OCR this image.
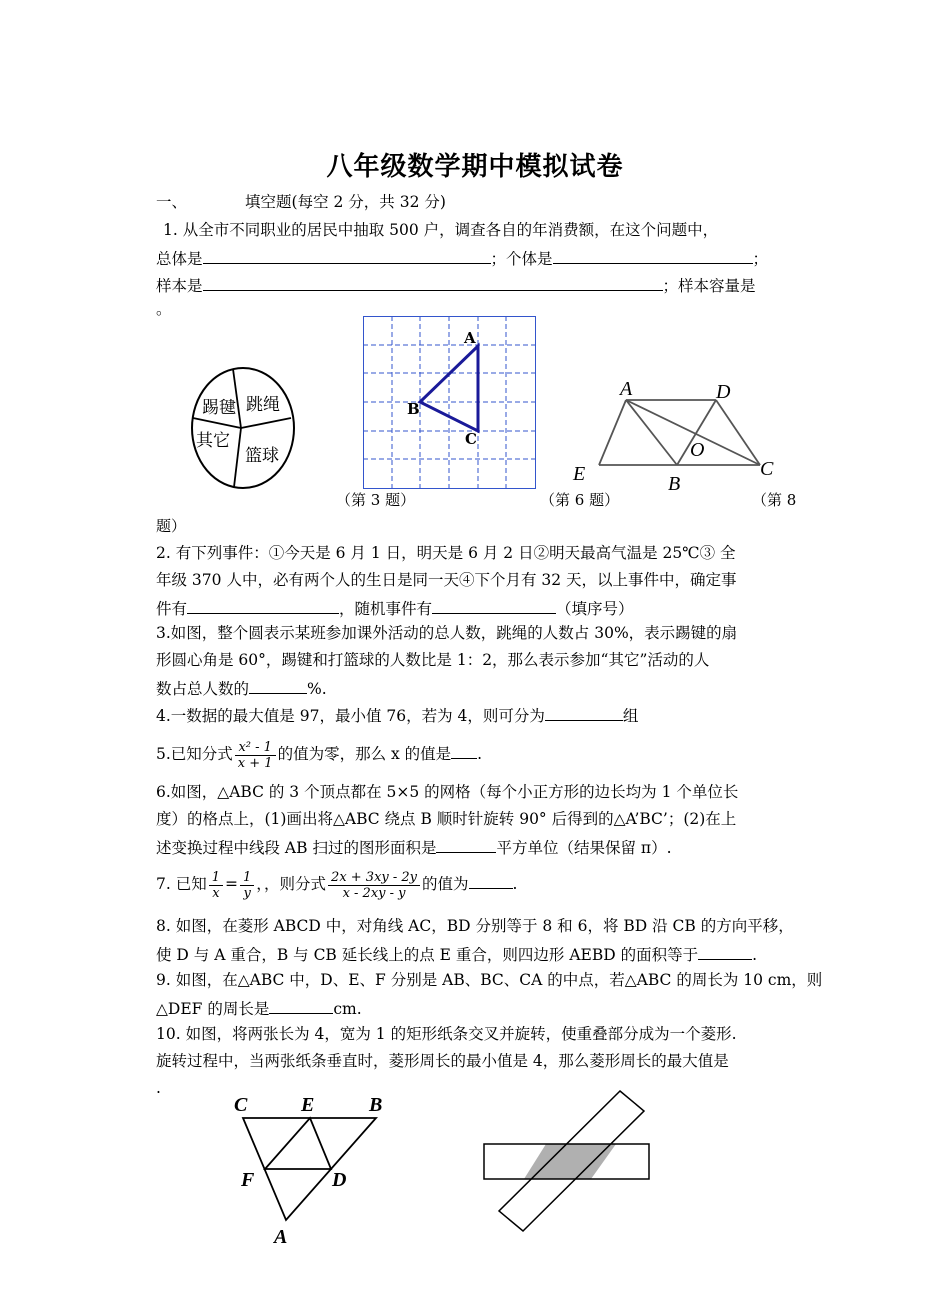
八年级数学期中模拟试卷
一、	填空题(每空 2 分，共 32 分)
1. 从全市不同职业的居民中抽取 500 户，调查各自的年消费额，在这个问题中，
总体是	；个体是	；
样本是	；样本容量是
。
踢毽 跳绳
其它
篮球
A
B
C
A	D
O
E	B
C
（第 3 题）	（第 6 题）	（第 8
题）
2. 有下列事件：①今天是 6 月 1 日，明天是 6 月 2 日②明天最高气温是 25℃③ 全
年级 370 人中，必有两个人的生日是同一天④下个月有 32 天，以上事件中，确定事
件有	，随机事件有	（填序号）
3.如图，整个圆表示某班参加课外活动的总人数，跳绳的人数占 30%，表示踢键的扇
形圆心角是 60°，踢键和打篮球的人数比是 1：2，那么表示参加“其它”活动的人
数占总人数的	%.
4.一数据的最大值是 97，最小值 76，若为 4，则可分为	组
5.已知分式 $\frac{\text{x² - 1}}{x + 1}$ 的值为零，那么 x 的值是 .
6.如图，△ABC 的 3 个顶点都在 5×5 的网格（每个小正方形的边长均为 1 个单位长
度）的格点上，(1)画出将△ABC 绕点 B 顺时针旋转 90° 后得到的△A’BC’；(2)在上
述变换过程中线段 AB 扫过的图形面积是	平方单位（结果保留 π）.
7. 已知 $\frac{1}{x} = \frac{1}{y}$ ，，则分式 $\frac{2x + 3xy - 2y}{x - 2xy - y}$ 的值为	.
8. 如图，在菱形 ABCD 中，对角线 AC，BD 分别等于 8 和 6，将 BD 沿 CB 的方向平移，
使 D 与 A 重合，B 与 CB 延长线上的点 E 重合，则四边形 AEBD 的面积等于	.
9. 如图，在△ABC 中，D、E、F 分别是 AB、BC、CA 的中点，若△ABC 的周长为 10 cm，则
△DEF 的周长是	cm.
10. 如图，将两张长为 4，宽为 1 的矩形纸条交叉并旋转，使重叠部分成为一个菱形.
旋转过程中，当两张纸条垂直时，菱形周长的最小值是 4，那么菱形周长的最大值是
.
C	E	B
F	D
A
